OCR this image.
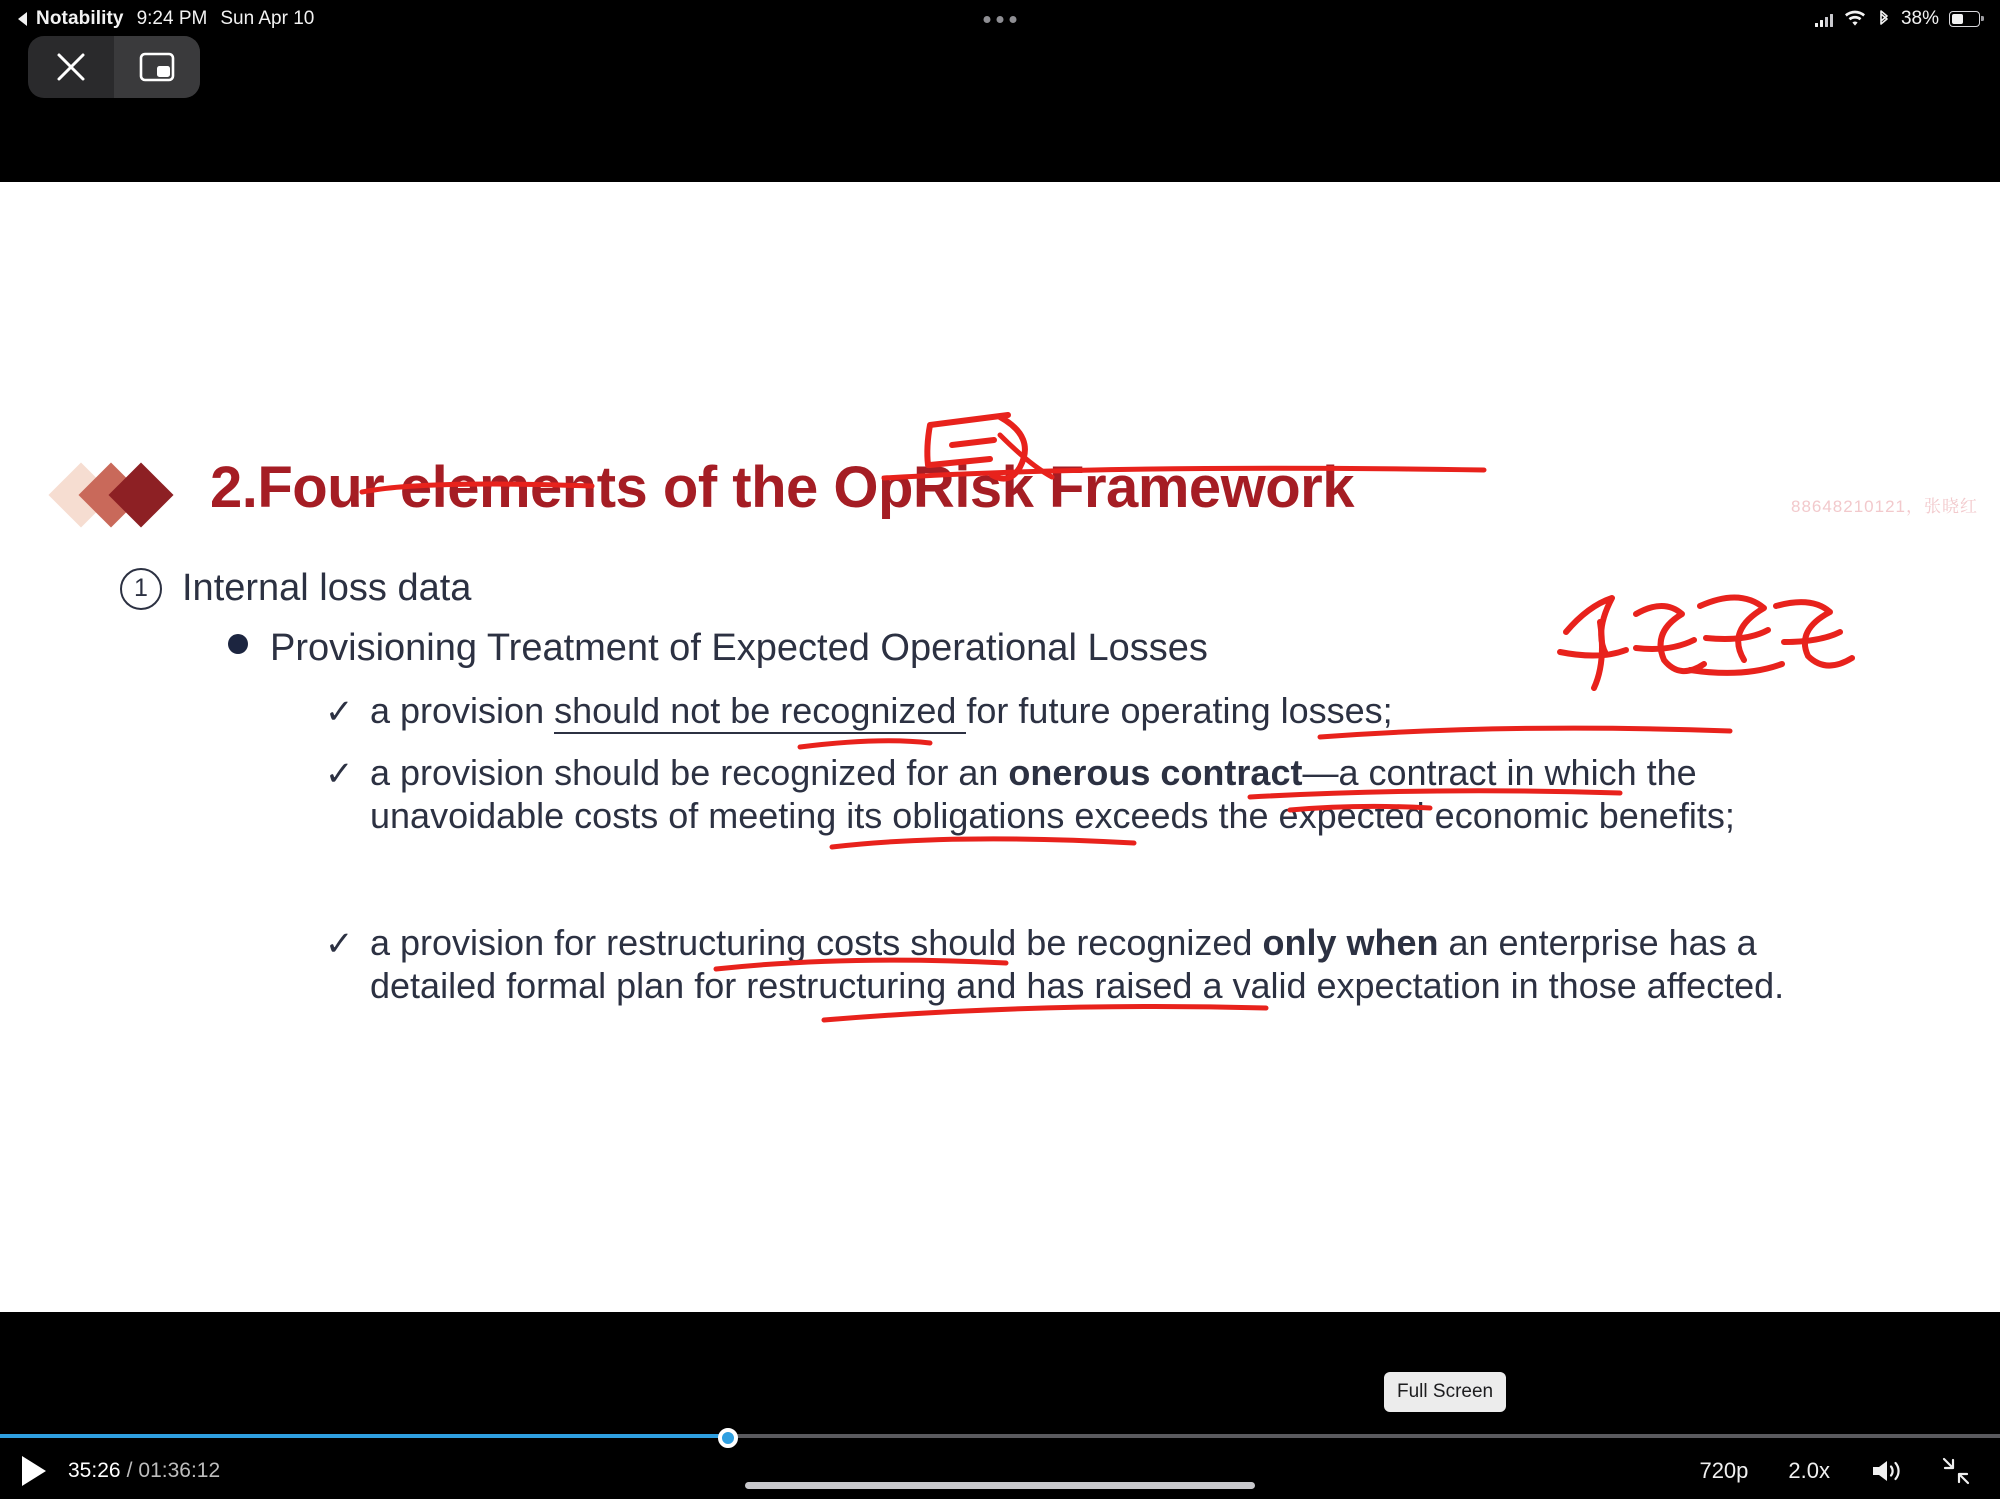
Notability 9:24 PM Sun Apr 10	38%
2.Four elements of the OpRisk Framework	88648210121，张晓红
1 Internal loss data
Provisioning Treatment of Expected Operational Losses
✓ a provision should not be recognized for future operating losses;
✓ a provision should be recognized for an onerous contract—a contract in which the unavoidable costs of meeting its obligations exceeds the expected economic benefits;
✓ a provision for restructuring costs should be recognized only when an enterprise has a detailed formal plan for restructuring and has raised a valid expectation in those affected.
Full Screen
35:26 / 01:36:12	720p 2.0x
